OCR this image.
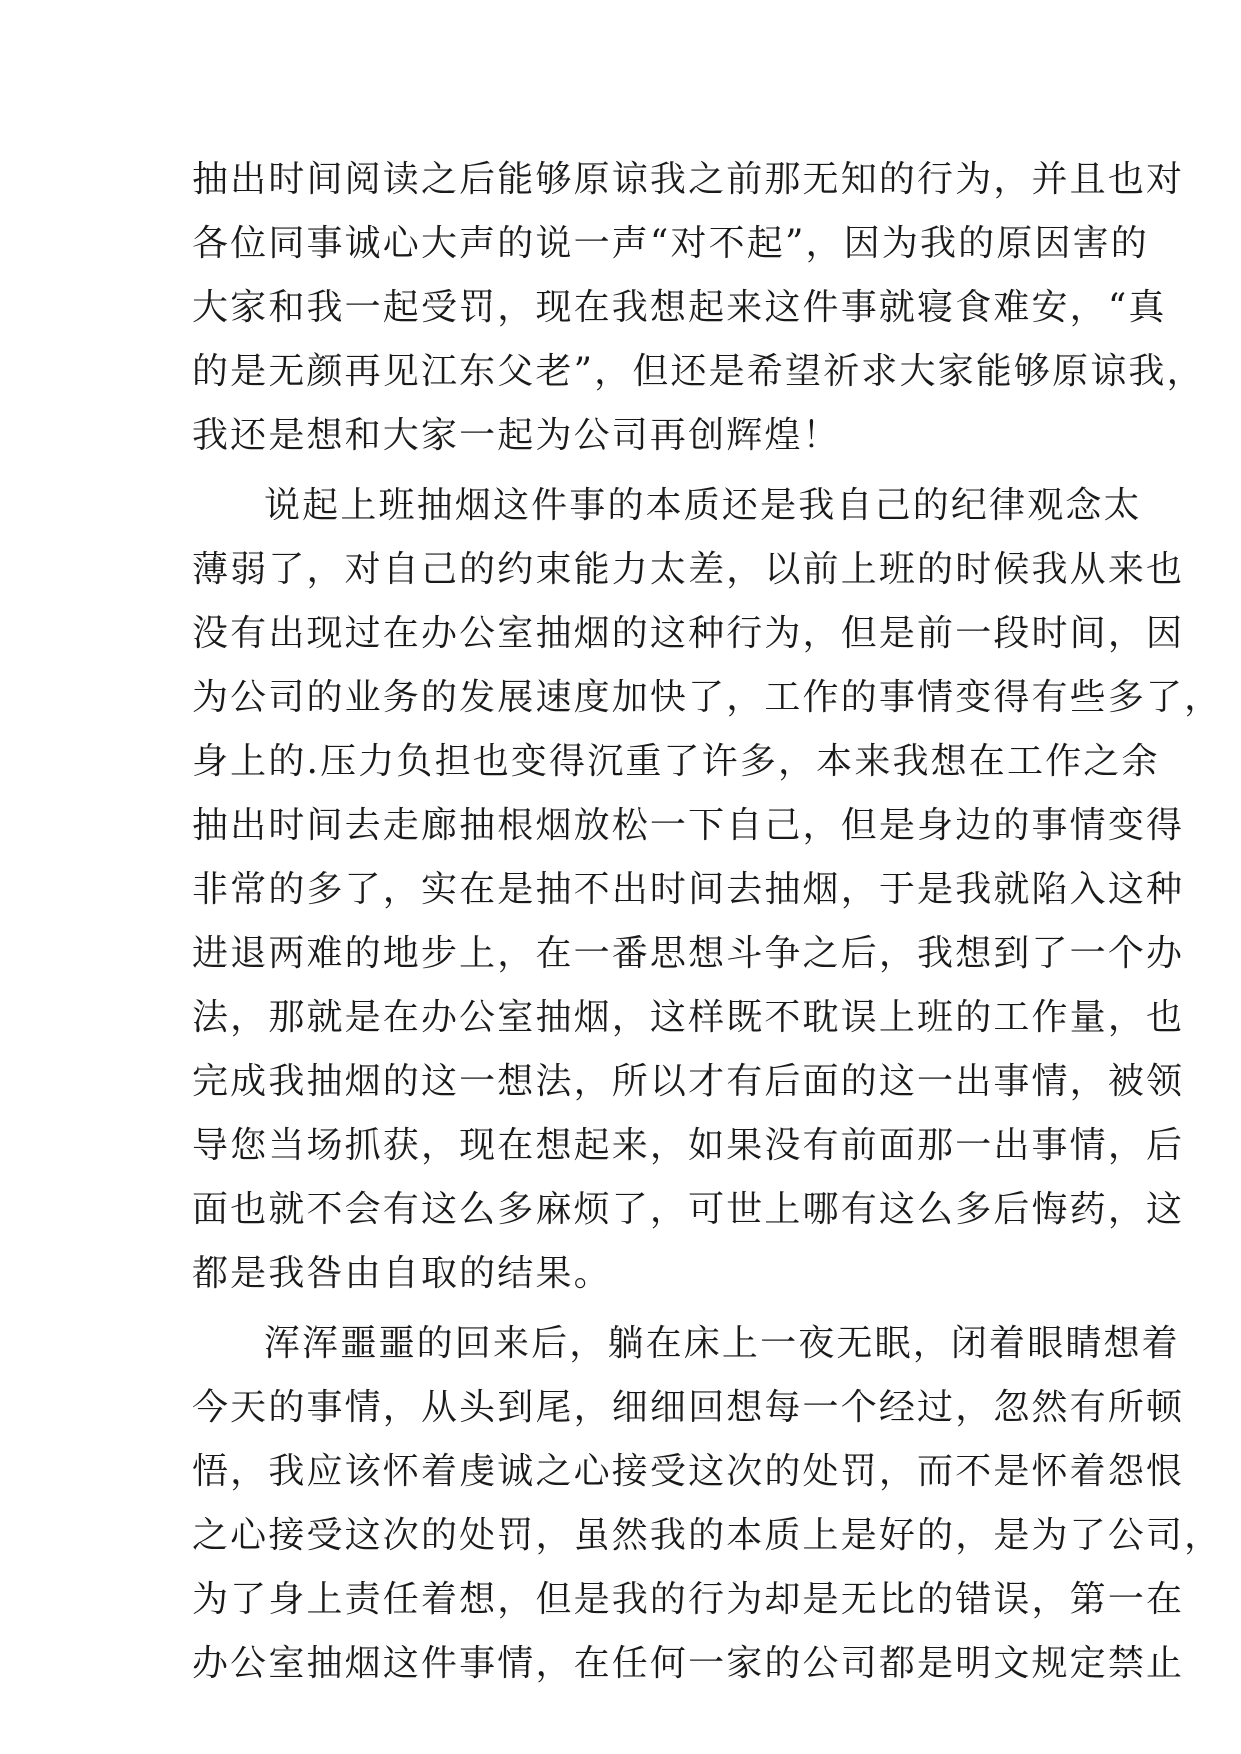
抽出时间阅读之后能够原谅我之前那无知的行为，并且也对
各位同事诚心大声的说一声“对不起”，因为我的原因害的
大家和我一起受罚，现在我想起来这件事就寝食难安，“真
的是无颜再见江东父老”，但还是希望祈求大家能够原谅我，
我还是想和大家一起为公司再创辉煌！
说起上班抽烟这件事的本质还是我自己的纪律观念太
薄弱了，对自己的约束能力太差，以前上班的时候我从来也
没有出现过在办公室抽烟的这种行为，但是前一段时间，因
为公司的业务的发展速度加快了，工作的事情变得有些多了，
身上的.压力负担也变得沉重了许多，本来我想在工作之余
抽出时间去走廊抽根烟放松一下自己，但是身边的事情变得
非常的多了，实在是抽不出时间去抽烟，于是我就陷入这种
进退两难的地步上，在一番思想斗争之后，我想到了一个办
法，那就是在办公室抽烟，这样既不耽误上班的工作量，也
完成我抽烟的这一想法，所以才有后面的这一出事情，被领
导您当场抓获，现在想起来，如果没有前面那一出事情，后
面也就不会有这么多麻烦了，可世上哪有这么多后悔药，这
都是我咎由自取的结果。
浑浑噩噩的回来后，躺在床上一夜无眠，闭着眼睛想着
今天的事情，从头到尾，细细回想每一个经过，忽然有所顿
悟，我应该怀着虔诚之心接受这次的处罚，而不是怀着怨恨
之心接受这次的处罚，虽然我的本质上是好的，是为了公司，
为了身上责任着想，但是我的行为却是无比的错误，第一在
办公室抽烟这件事情，在任何一家的公司都是明文规定禁止
